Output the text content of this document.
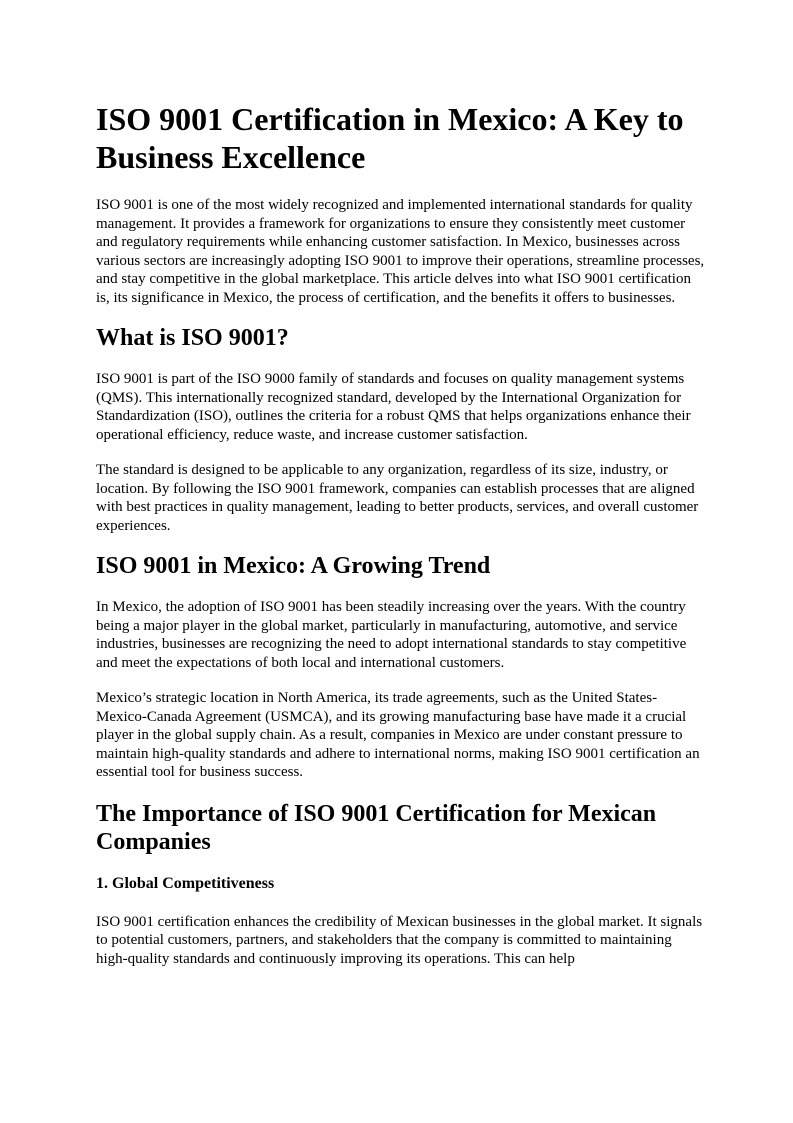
ISO 9001 Certification in Mexico: A Key to Business Excellence

ISO 9001 is one of the most widely recognized and implemented international standards for quality management. It provides a framework for organizations to ensure they consistently meet customer and regulatory requirements while enhancing customer satisfaction. In Mexico, businesses across various sectors are increasingly adopting ISO 9001 to improve their operations, streamline processes, and stay competitive in the global marketplace. This article delves into what ISO 9001 certification is, its significance in Mexico, the process of certification, and the benefits it offers to businesses.

What is ISO 9001?

ISO 9001 is part of the ISO 9000 family of standards and focuses on quality management systems (QMS). This internationally recognized standard, developed by the International Organization for Standardization (ISO), outlines the criteria for a robust QMS that helps organizations enhance their operational efficiency, reduce waste, and increase customer satisfaction.

The standard is designed to be applicable to any organization, regardless of its size, industry, or location. By following the ISO 9001 framework, companies can establish processes that are aligned with best practices in quality management, leading to better products, services, and overall customer experiences.

ISO 9001 in Mexico: A Growing Trend

In Mexico, the adoption of ISO 9001 has been steadily increasing over the years. With the country being a major player in the global market, particularly in manufacturing, automotive, and service industries, businesses are recognizing the need to adopt international standards to stay competitive and meet the expectations of both local and international customers.

Mexico’s strategic location in North America, its trade agreements, such as the United States-Mexico-Canada Agreement (USMCA), and its growing manufacturing base have made it a crucial player in the global supply chain. As a result, companies in Mexico are under constant pressure to maintain high-quality standards and adhere to international norms, making ISO 9001 certification an essential tool for business success.

The Importance of ISO 9001 Certification for Mexican Companies
1. Global Competitiveness

ISO 9001 certification enhances the credibility of Mexican businesses in the global market. It signals to potential customers, partners, and stakeholders that the company is committed to maintaining high-quality standards and continuously improving its operations. This can help
